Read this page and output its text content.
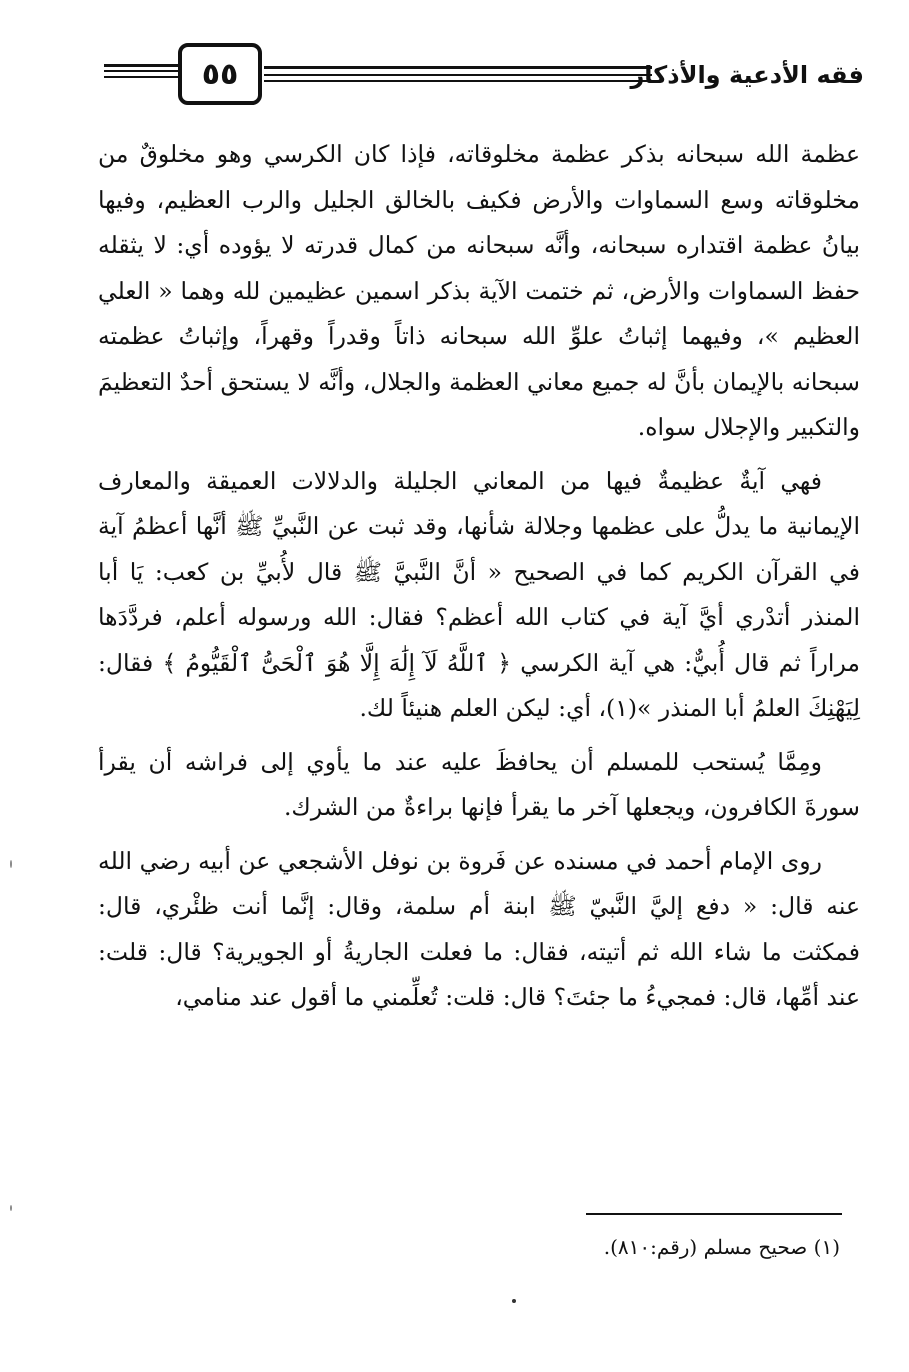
٥٥	فقه الأدعية والأذكار

عظمة الله سبحانه بذكر عظمة مخلوقاته، فإذا كان الكرسي وهو مخلوقٌ من مخلوقاته وسع السماوات والأرض فكيف بالخالق الجليل والرب العظيم، وفيها بيانُ عظمة اقتداره سبحانه، وأنَّه سبحانه من كمال قدرته لا يؤوده أي: لا يثقله حفظ السماوات والأرض، ثم ختمت الآية بذكر اسمين عظيمين لله وهما « العلي العظيم »، وفيهما إثباتُ علوِّ الله سبحانه ذاتاً وقدراً وقهراً، وإثباتُ عظمته سبحانه بالإيمان بأنَّ له جميع معاني العظمة والجلال، وأنَّه لا يستحق أحدٌ التعظيمَ والتكبير والإجلال سواه.

فهي آيةٌ عظيمةٌ فيها من المعاني الجليلة والدلالات العميقة والمعارف الإيمانية ما يدلُّ على عظمها وجلالة شأنها، وقد ثبت عن النَّبيِّ ﷺ أنَّها أعظمُ آية في القرآن الكريم كما في الصحيح « أنَّ النَّبيَّ ﷺ قال لأُبيِّ بن كعب: يَا أبا المنذر أتدْري أيَّ آية في كتاب الله أعظم؟ فقال: الله ورسوله أعلم، فردَّدَها مراراً ثم قال أُبيٌّ: هي آية الكرسي ﴿ ٱللَّهُ لَآ إِلَٰهَ إِلَّا هُوَ ٱلْحَىُّ ٱلْقَيُّومُ ﴾ فقال: لِيَهْنِكَ العلمُ أبا المنذر »(١)، أي: ليكن العلم هنيئاً لك.

ومِمَّا يُستحب للمسلم أن يحافظَ عليه عند ما يأوي إلى فراشه أن يقرأ سورةَ الكافرون، ويجعلها آخر ما يقرأ فإنها براءةٌ من الشرك.

روى الإمام أحمد في مسنده عن فَروة بن نوفل الأشجعي عن أبيه رضي الله عنه قال: « دفع إليَّ النَّبيّ ﷺ ابنة أم سلمة، وقال: إنَّما أنت ظئْري، قال: فمكثت ما شاء الله ثم أتيته، فقال: ما فعلت الجاريةُ أو الجويرية؟ قال: قلت: عند أمِّها، قال: فمجيءُ ما جئتَ؟ قال: قلت: تُعلِّمني ما أقول عند منامي،

(١) صحيح مسلم (رقم:٨١٠).
